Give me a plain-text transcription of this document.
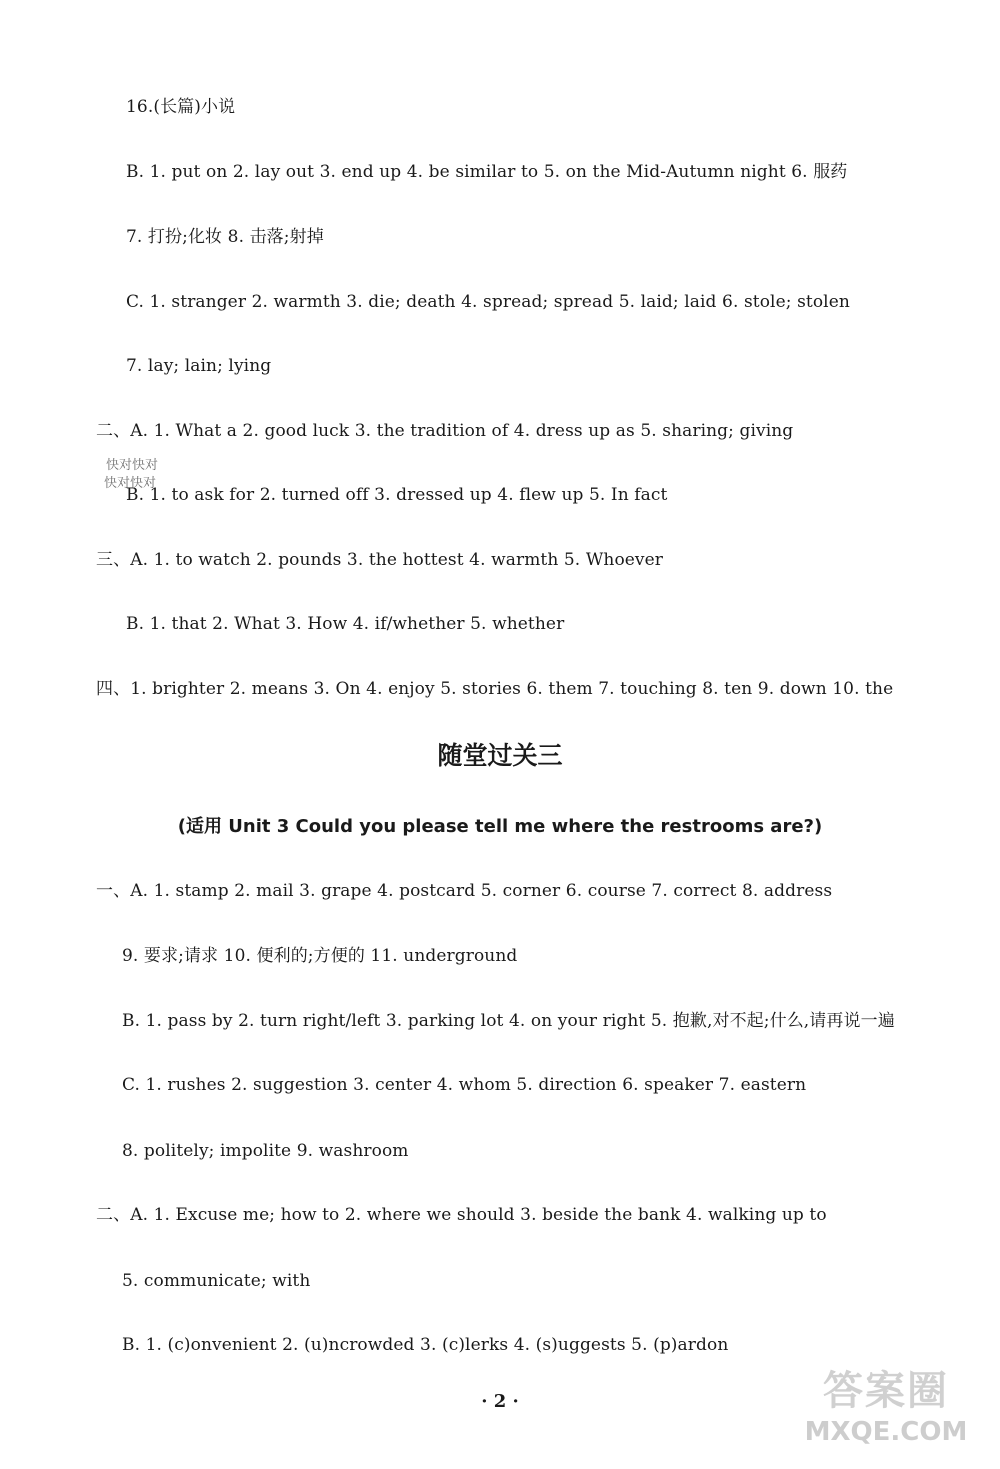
16.(长篇)小说
B. 1. put on 2. lay out 3. end up 4. be similar to 5. on the Mid-Autumn night 6. 服药
7. 打扮;化妆 8. 击落;射掉
C. 1. stranger 2. warmth 3. die; death 4. spread; spread 5. laid; laid 6. stole; stolen
7. lay; lain; lying
二、A. 1. What a 2. good luck 3. the tradition of 4. dress up as 5. sharing; giving
B. 1. to ask for 2. turned off 3. dressed up 4. flew up 5. In fact
三、A. 1. to watch 2. pounds 3. the hottest 4. warmth 5. Whoever
B. 1. that 2. What 3. How 4. if/whether 5. whether
四、1. brighter 2. means 3. On 4. enjoy 5. stories 6. them 7. touching 8. ten 9. down 10. the
随堂过关三
(适用 Unit 3 Could you please tell me where the restrooms are?)
一、A. 1. stamp 2. mail 3. grape 4. postcard 5. corner 6. course 7. correct 8. address
9. 要求;请求 10. 便利的;方便的 11. underground
B. 1. pass by 2. turn right/left 3. parking lot 4. on your right 5. 抱歉,对不起;什么,请再说一遍
C. 1. rushes 2. suggestion 3. center 4. whom 5. direction 6. speaker 7. eastern
8. politely; impolite 9. washroom
二、A. 1. Excuse me; how to 2. where we should 3. beside the bank 4. walking up to
5. communicate; with
B. 1. (c)onvenient 2. (u)ncrowded 3. (c)lerks 4. (s)uggests 5. (p)ardon
· 2 ·
快对快对
快对快对
答案圈
MXQE.COM
